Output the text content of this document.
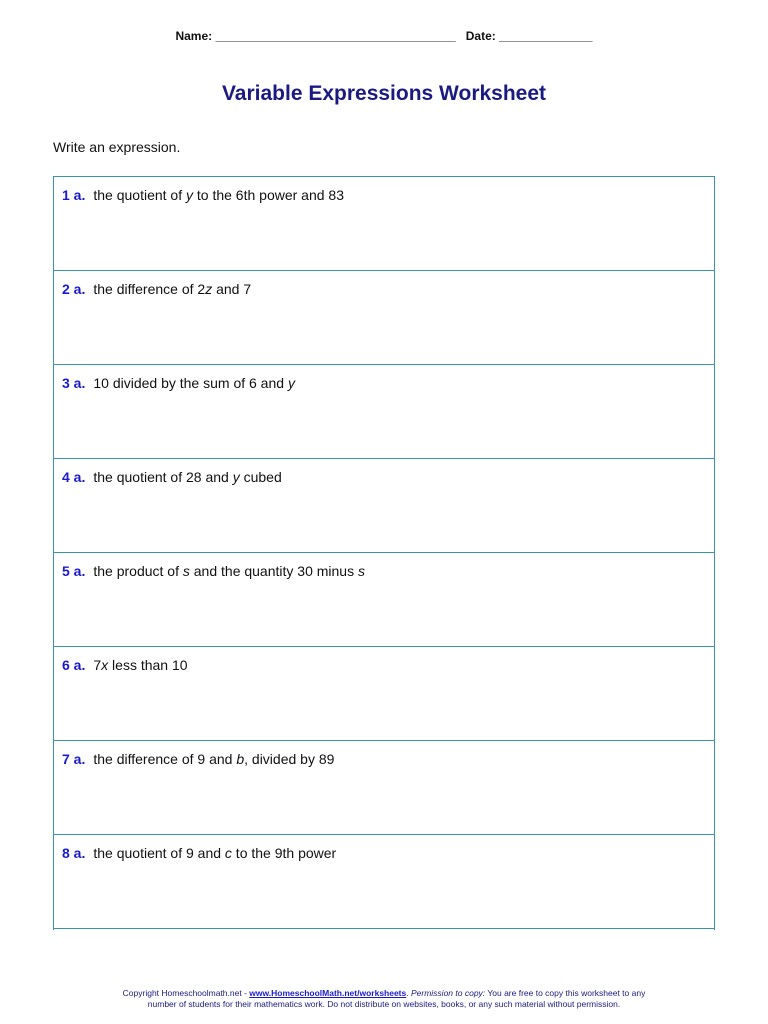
Name: ____________________________________ Date: ______________
Variable Expressions Worksheet
Write an expression.
1 a. the quotient of y to the 6th power and 83
2 a. the difference of 2z and 7
3 a. 10 divided by the sum of 6 and y
4 a. the quotient of 28 and y cubed
5 a. the product of s and the quantity 30 minus s
6 a. 7x less than 10
7 a. the difference of 9 and b, divided by 89
8 a. the quotient of 9 and c to the 9th power
Copyright Homeschoolmath.net - www.HomeschoolMath.net/worksheets. Permission to copy: You are free to copy this worksheet to any
number of students for their mathematics work. Do not distribute on websites, books, or any such material without permission.
